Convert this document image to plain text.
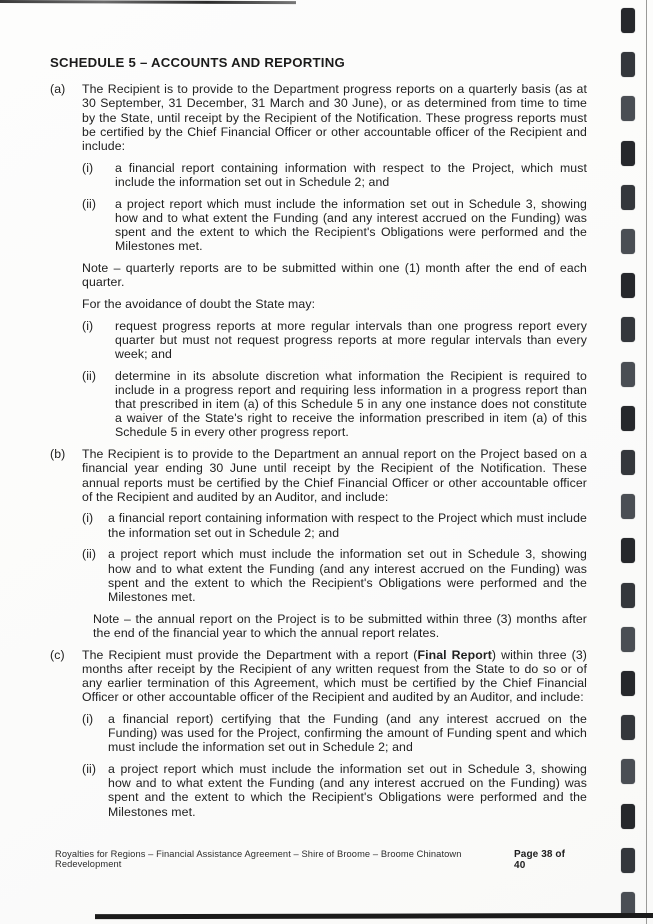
SCHEDULE 5 – ACCOUNTS AND REPORTING
(a)	The Recipient is to provide to the Department progress reports on a quarterly basis (as at 30 September, 31 December, 31 March and 30 June), or as determined from time to time by the State, until receipt by the Recipient of the Notification. These progress reports must be certified by the Chief Financial Officer or other accountable officer of the Recipient and include:
(i)	a financial report containing information with respect to the Project, which must include the information set out in Schedule 2; and
(ii)	a project report which must include the information set out in Schedule 3, showing how and to what extent the Funding (and any interest accrued on the Funding) was spent and the extent to which the Recipient's Obligations were performed and the Milestones met.
Note – quarterly reports are to be submitted within one (1) month after the end of each quarter.
For the avoidance of doubt the State may:
(i)	request progress reports at more regular intervals than one progress report every quarter but must not request progress reports at more regular intervals than every week; and
(ii)	determine in its absolute discretion what information the Recipient is required to include in a progress report and requiring less information in a progress report than that prescribed in item (a) of this Schedule 5 in any one instance does not constitute a waiver of the State's right to receive the information prescribed in item (a) of this Schedule 5 in every other progress report.
(b)	The Recipient is to provide to the Department an annual report on the Project based on a financial year ending 30 June until receipt by the Recipient of the Notification. These annual reports must be certified by the Chief Financial Officer or other accountable officer of the Recipient and audited by an Auditor, and include:
(i)	a financial report containing information with respect to the Project which must include the information set out in Schedule 2; and
(ii) a project report which must include the information set out in Schedule 3, showing how and to what extent the Funding (and any interest accrued on the Funding) was spent and the extent to which the Recipient's Obligations were performed and the Milestones met.
Note – the annual report on the Project is to be submitted within three (3) months after the end of the financial year to which the annual report relates.
(c)	The Recipient must provide the Department with a report (Final Report) within three (3) months after receipt by the Recipient of any written request from the State to do so or of any earlier termination of this Agreement, which must be certified by the Chief Financial Officer or other accountable officer of the Recipient and audited by an Auditor, and include:
(i)	a financial report) certifying that the Funding (and any interest accrued on the Funding) was used for the Project, confirming the amount of Funding spent and which must include the information set out in Schedule 2; and
(ii) a project report which must include the information set out in Schedule 3, showing how and to what extent the Funding (and any interest accrued on the Funding) was spent and the extent to which the Recipient's Obligations were performed and the Milestones met.
Royalties for Regions – Financial Assistance Agreement – Shire of Broome – Broome Chinatown Redevelopment
Page 38 of 40
